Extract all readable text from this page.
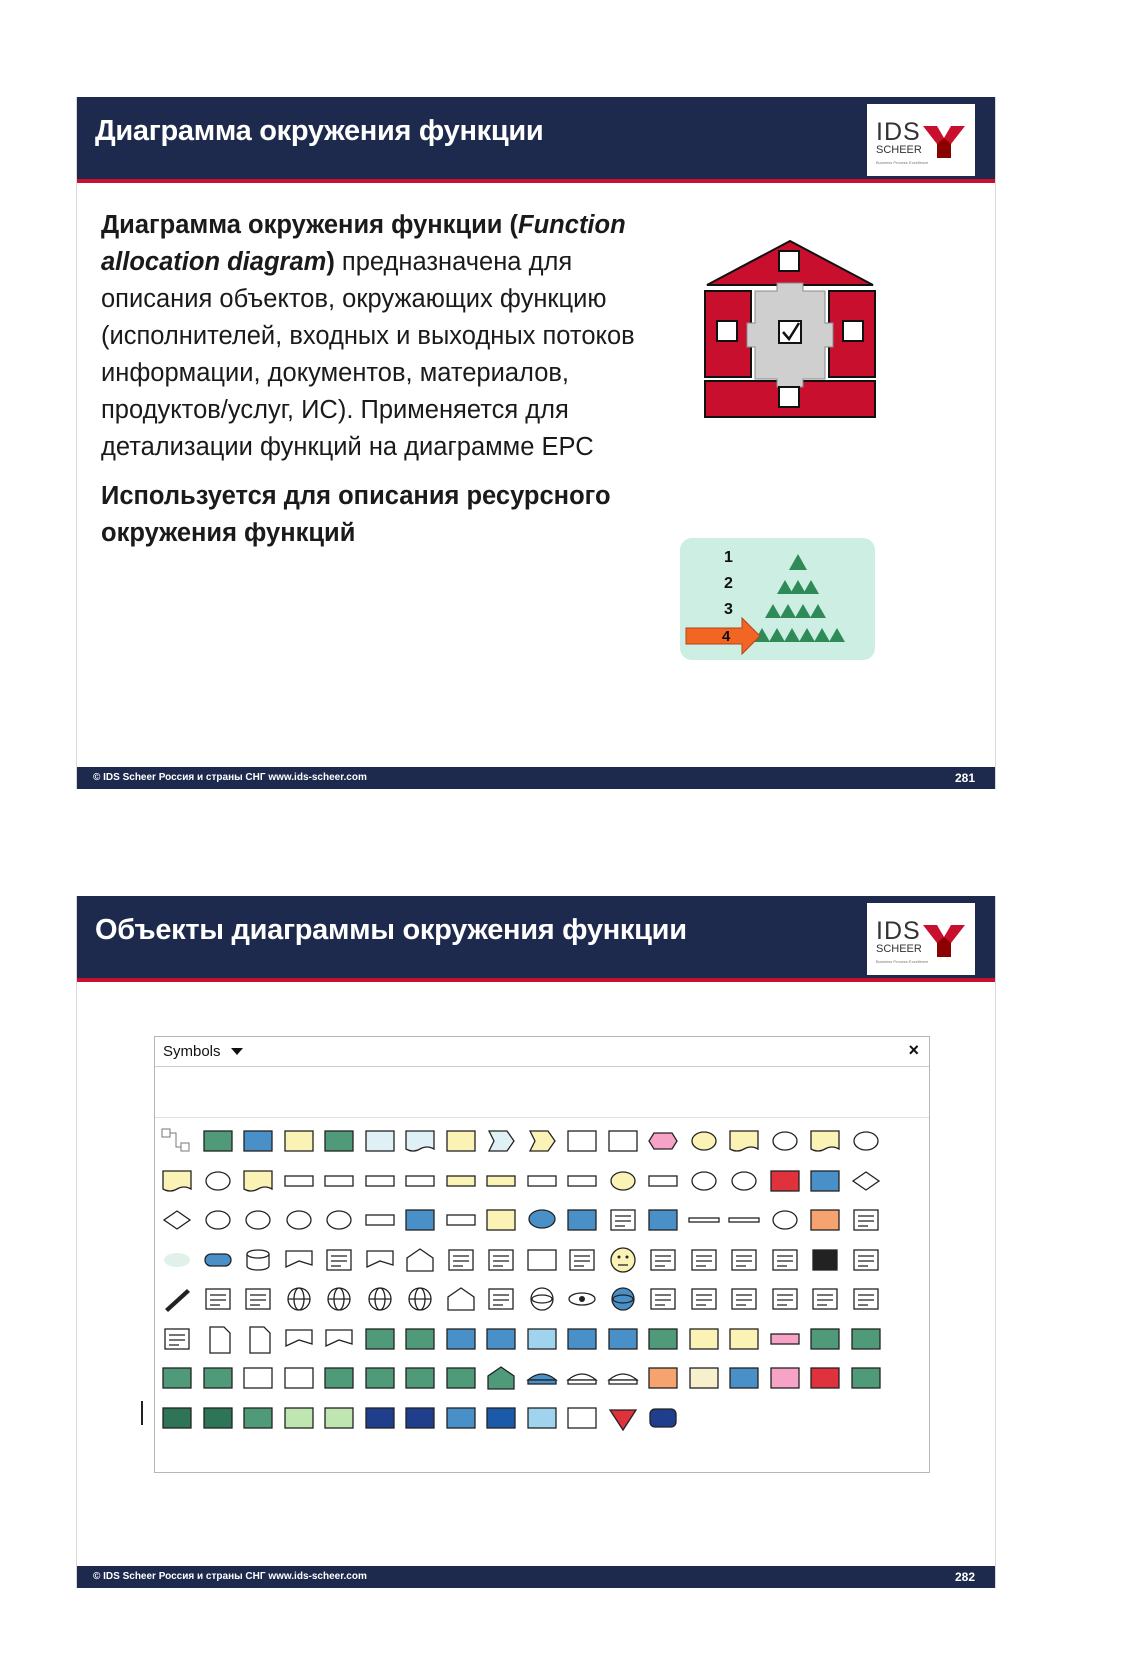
Диаграмма окружения функции	IDS
SCHEER
Business Process Excellence

Диаграмма окружения функции (Function allocation diagram) предназначена для описания объектов, окружающих функцию (исполнителей, входных и выходных потоков информации, документов, материалов, продуктов/услуг, ИС). Применяется для детализации функций на диаграмме ЕРС

Используется для описания ресурсного окружения функций

1
2
3
4
© IDS Scheer Россия и страны СНГ www.ids-scheer.com	281
Объекты диаграммы окружения функции	IDS
SCHEER
Business Process Excellence
Symbols	×
© IDS Scheer Россия и страны СНГ www.ids-scheer.com	282
